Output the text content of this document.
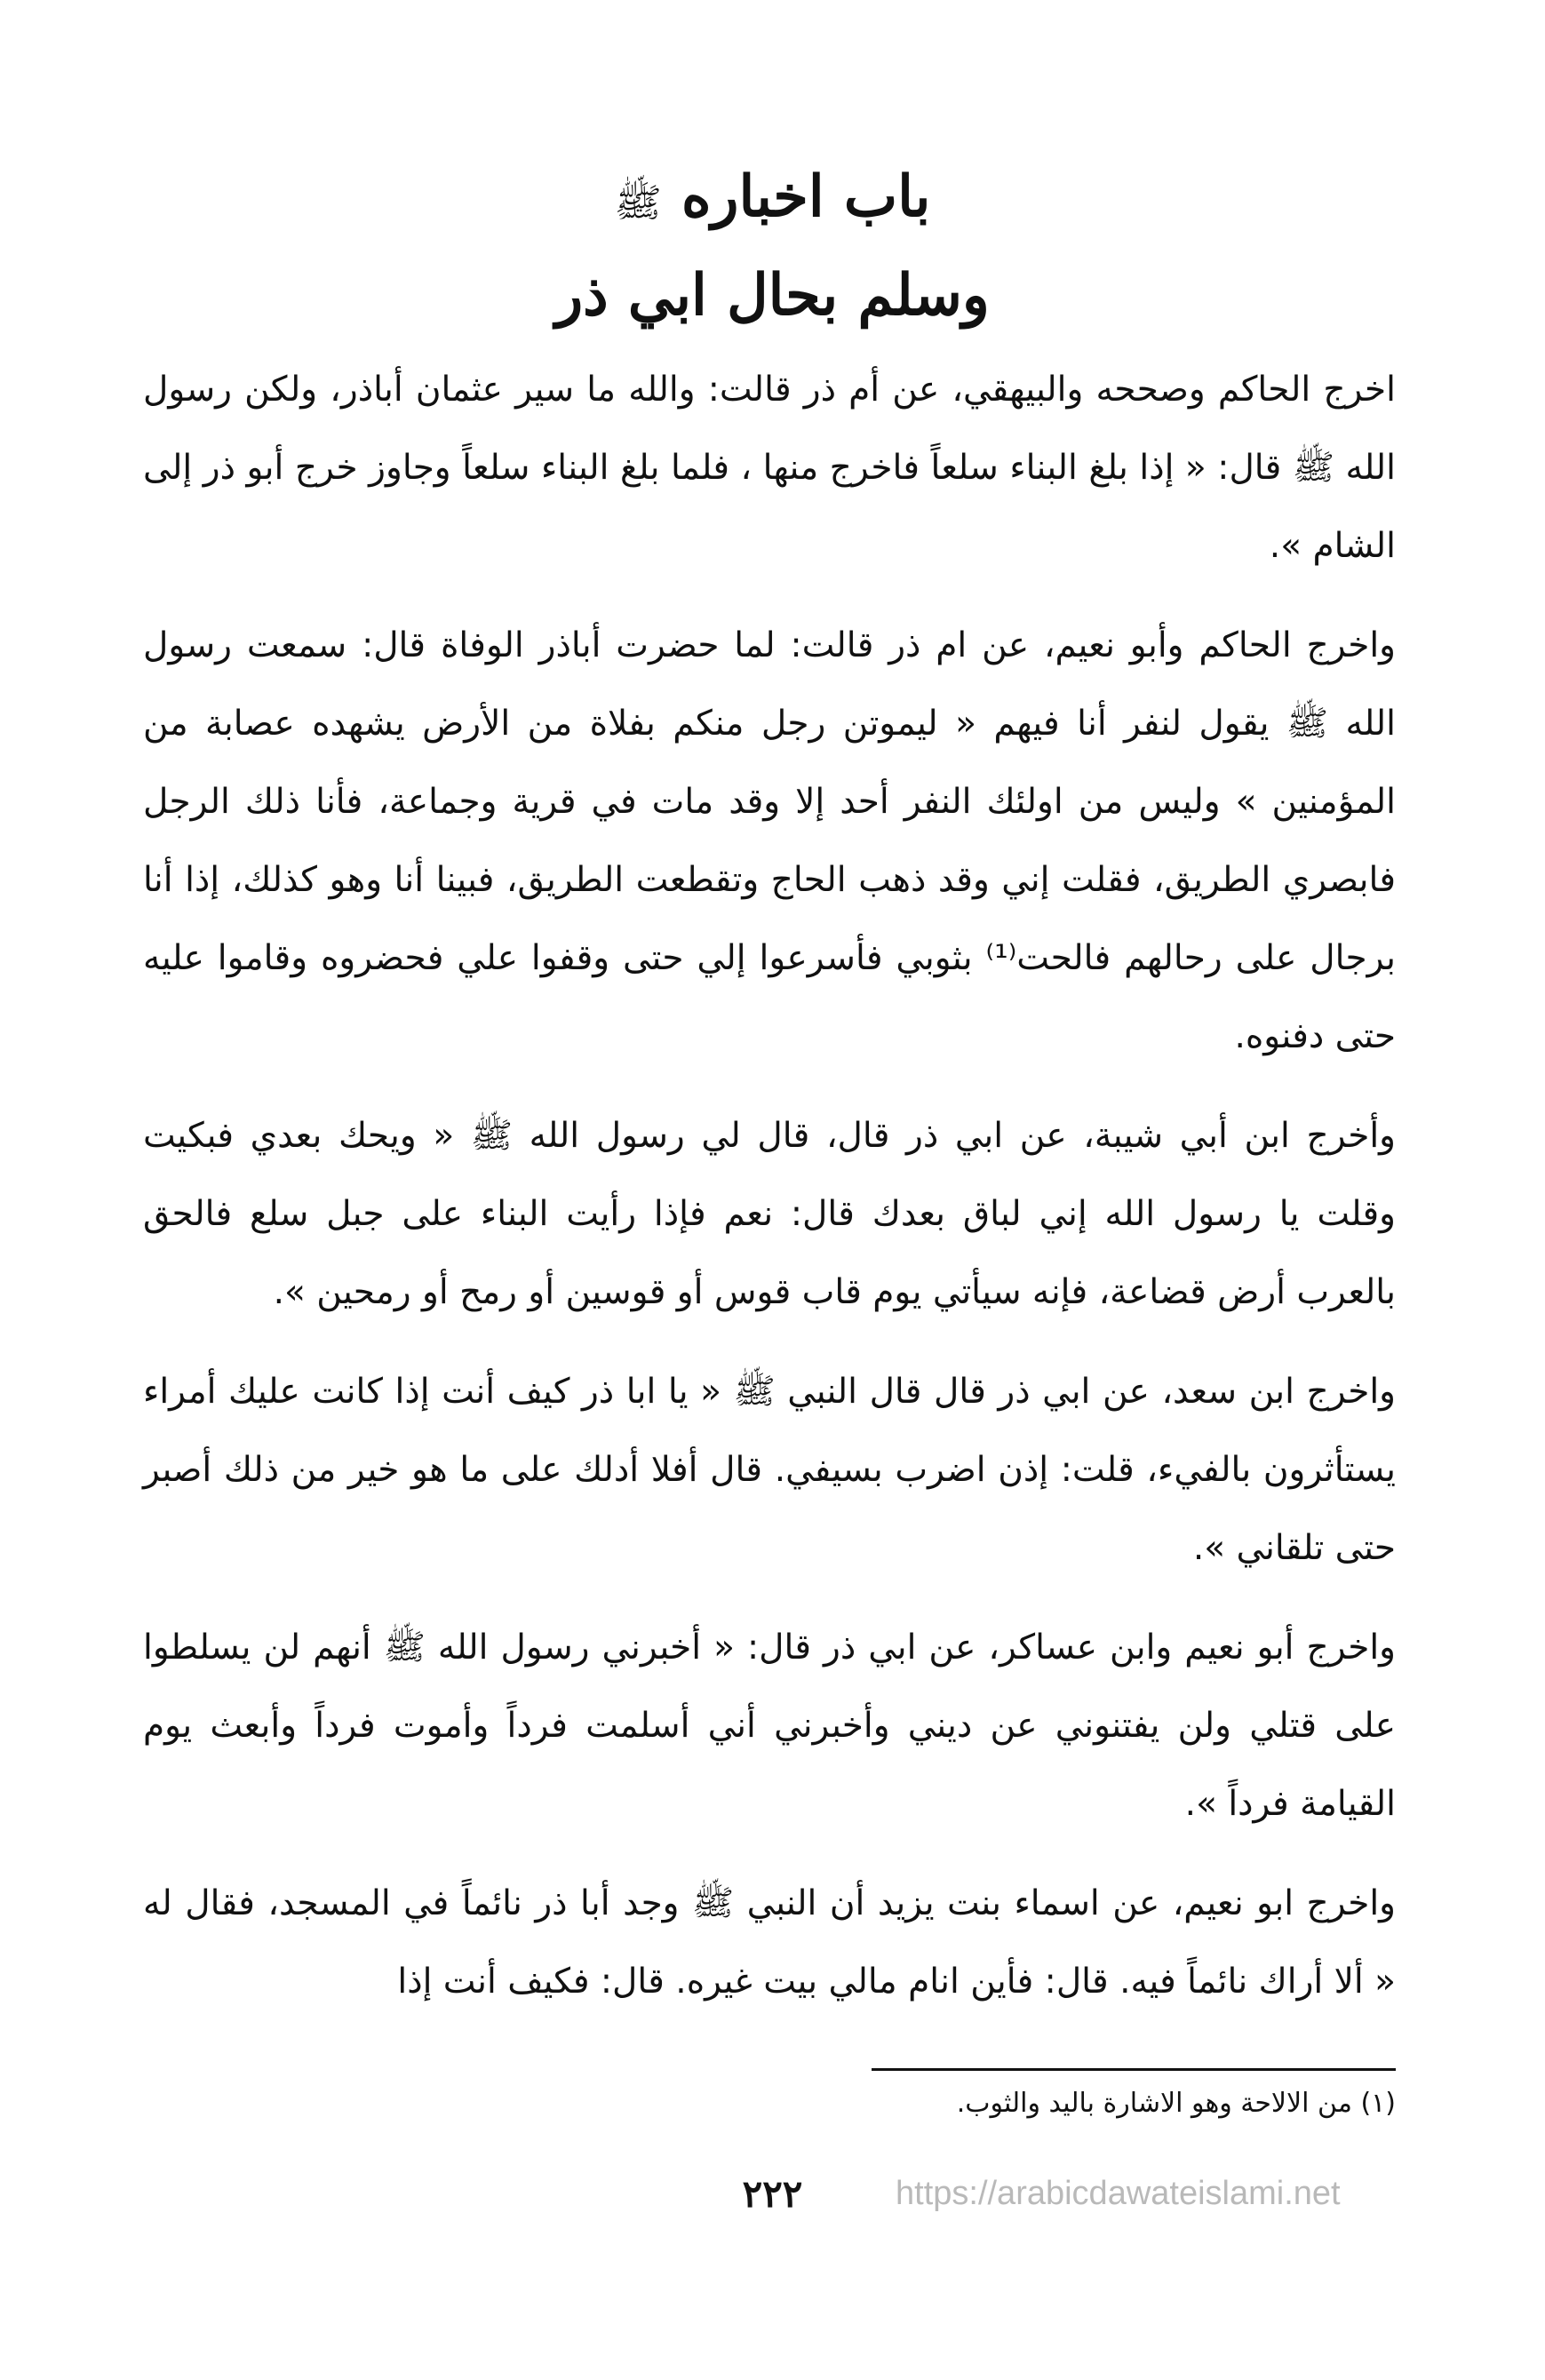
باب اخباره ﷺ
وسلم بحال ابي ذر

اخرج الحاكم وصححه والبيهقي، عن أم ذر قالت: والله ما سير عثمان أباذر، ولكن رسول الله ﷺ قال: « إذا بلغ البناء سلعاً فاخرج منها ، فلما بلغ البناء سلعاً وجاوز خرج أبو ذر إلى الشام ».

واخرج الحاكم وأبو نعيم، عن ام ذر قالت: لما حضرت أباذر الوفاة قال: سمعت رسول الله ﷺ يقول لنفر أنا فيهم « ليموتن رجل منكم بفلاة من الأرض يشهده عصابة من المؤمنين » وليس من اولئك النفر أحد إلا وقد مات في قرية وجماعة، فأنا ذلك الرجل فابصري الطريق، فقلت إني وقد ذهب الحاج وتقطعت الطريق، فبينا أنا وهو كذلك، إذا أنا برجال على رحالهم فالحت⁽¹⁾ بثوبي فأسرعوا إلي حتى وقفوا علي فحضروه وقاموا عليه حتى دفنوه.

وأخرج ابن أبي شيبة، عن ابي ذر قال، قال لي رسول الله ﷺ « ويحك بعدي فبكيت وقلت يا رسول الله إني لباق بعدك قال: نعم فإذا رأيت البناء على جبل سلع فالحق بالعرب أرض قضاعة، فإنه سيأتي يوم قاب قوس أو قوسين أو رمح أو رمحين ».

واخرج ابن سعد، عن ابي ذر قال قال النبي ﷺ « يا ابا ذر كيف أنت إذا كانت عليك أمراء يستأثرون بالفيء، قلت: إذن اضرب بسيفي. قال أفلا أدلك على ما هو خير من ذلك أصبر حتى تلقاني ».

واخرج أبو نعيم وابن عساكر، عن ابي ذر قال: « أخبرني رسول الله ﷺ أنهم لن يسلطوا على قتلي ولن يفتنوني عن ديني وأخبرني أني أسلمت فرداً وأموت فرداً وأبعث يوم القيامة فرداً ».

واخرج ابو نعيم، عن اسماء بنت يزيد أن النبي ﷺ وجد أبا ذر نائماً في المسجد، فقال له « ألا أراك نائماً فيه. قال: فأين انام مالي بيت غيره. قال: فكيف أنت إذا

(١) من الالاحة وهو الاشارة باليد والثوب.
٢٢٢	https://arabicdawateislami.net
